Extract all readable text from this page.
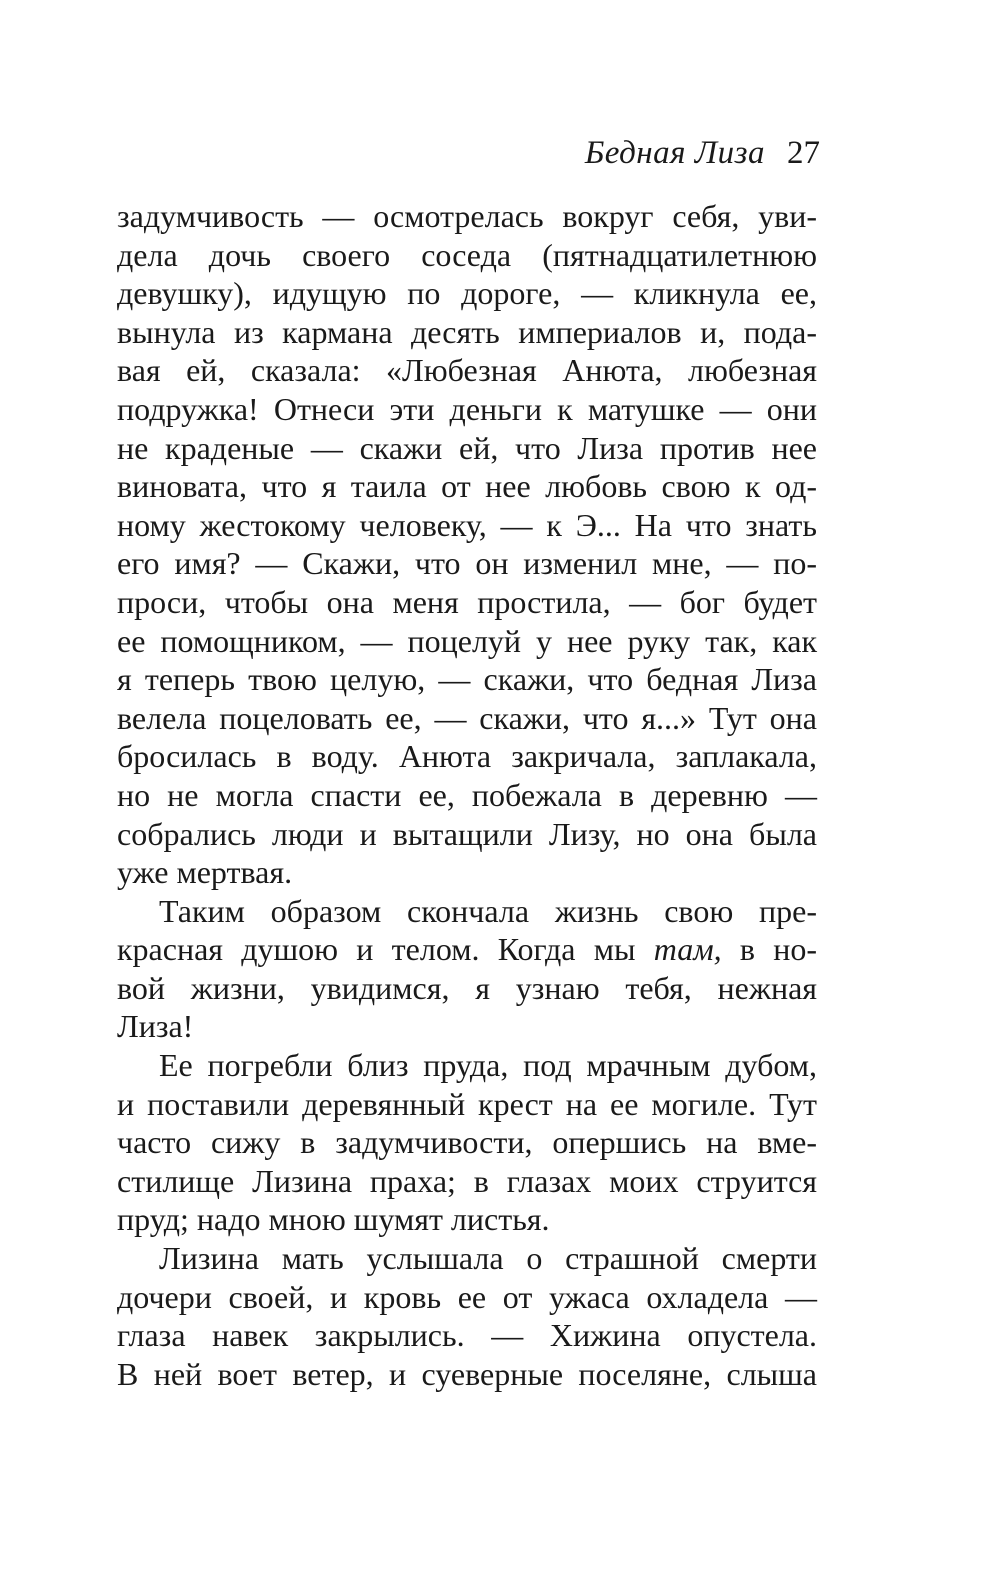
Бедная Лиза 27
задумчивость — осмотрелась вокруг себя, уви-
дела дочь своего соседа (пятнадцатилетнюю
девушку), идущую по дороге, — кликнула ее,
вынула из кармана десять империалов и, пода-
вая ей, сказала: «Любезная Анюта, любезная
подружка! Отнеси эти деньги к матушке — они
не краденые — скажи ей, что Лиза против нее
виновата, что я таила от нее любовь свою к од-
ному жестокому человеку, — к Э... На что знать
его имя? — Скажи, что он изменил мне, — по-
проси, чтобы она меня простила, — бог будет
ее помощником, — поцелуй у нее руку так, как
я теперь твою целую, — скажи, что бедная Лиза
велела поцеловать ее, — скажи, что я...» Тут она
бросилась в воду. Анюта закричала, заплакала,
но не могла спасти ее, побежала в деревню —
собрались люди и вытащили Лизу, но она была
уже мертвая.
Таким образом скончала жизнь свою пре-
красная душою и телом. Когда мы там, в но-
вой жизни, увидимся, я узнаю тебя, нежная
Лиза!
Ее погребли близ пруда, под мрачным дубом,
и поставили деревянный крест на ее могиле. Тут
часто сижу в задумчивости, опершись на вме-
стилище Лизина праха; в глазах моих струится
пруд; надо мною шумят листья.
Лизина мать услышала о страшной смерти
дочери своей, и кровь ее от ужаса охладела —
глаза навек закрылись. — Хижина опустела.
В ней воет ветер, и суеверные поселяне, слыша
